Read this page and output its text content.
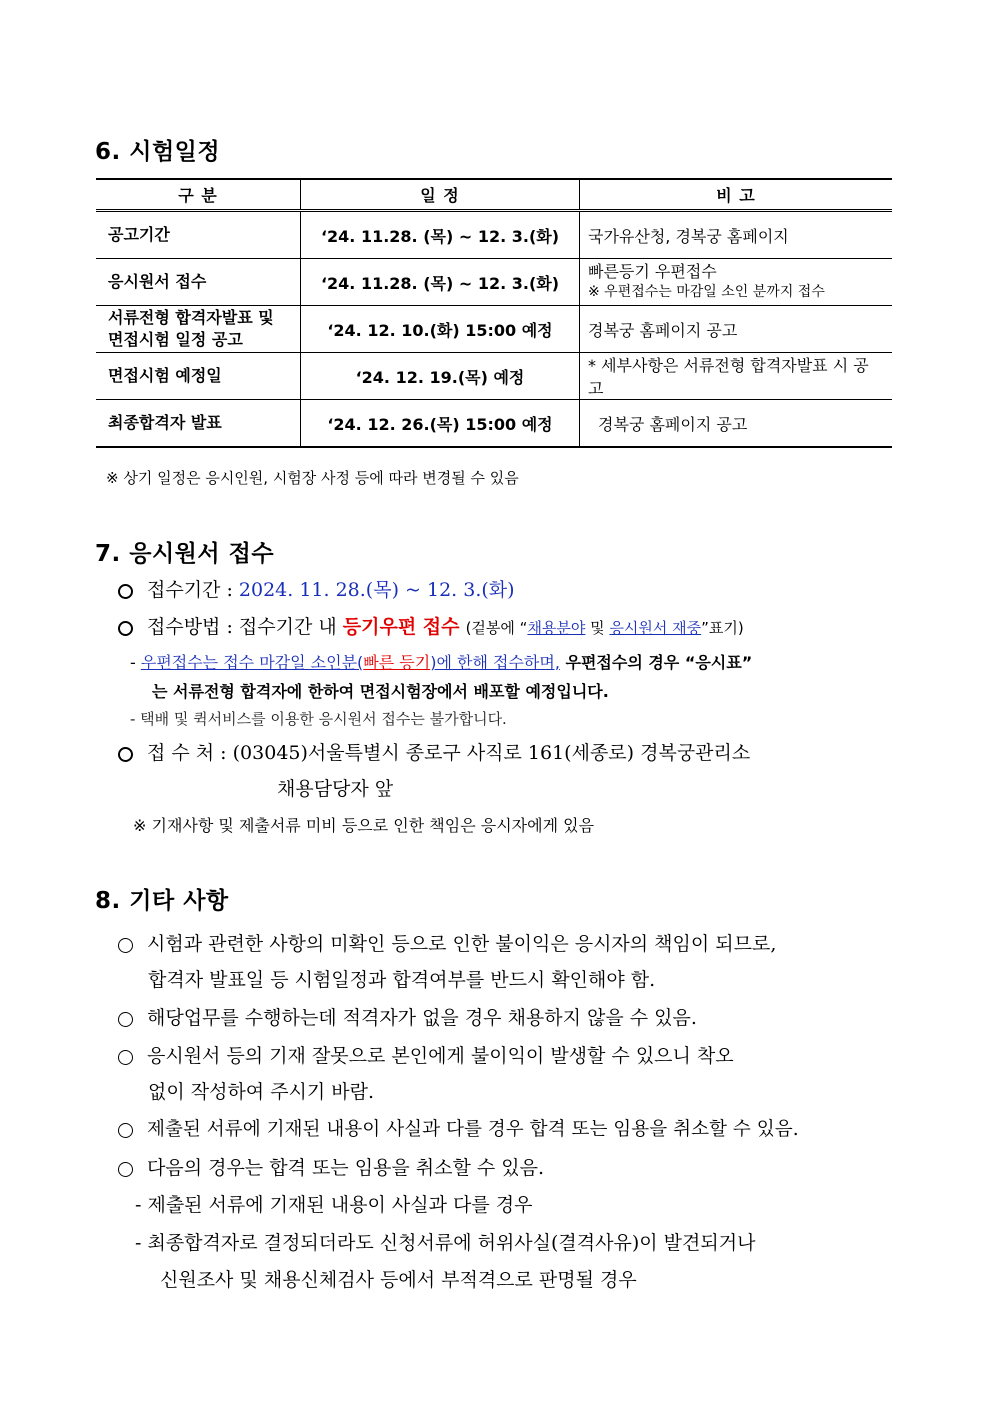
6. 시험일정
구 분	일 정	비 고
공고기간	‘24. 11.28. (목) ~ 12. 3.(화)	국가유산청, 경복궁 홈페이지
응시원서 접수	‘24. 11.28. (목) ~ 12. 3.(화)	빠른등기 우편접수
※ 우편접수는 마감일 소인 분까지 접수

서류전형 합격자발표 및
면접시험 일정 공고	‘24. 12. 10.(화) 15:00 예정	경복궁 홈페이지 공고
면접시험 예정일	‘24. 12. 19.(목) 예정	* 세부사항은 서류전형 합격자발표 시 공고
최종합격자 발표	‘24. 12. 26.(목) 15:00 예정	경복궁 홈페이지 공고
※ 상기 일정은 응시인원, 시험장 사정 등에 따라 변경될 수 있음
7. 응시원서 접수
접수기간 : 2024. 11. 28.(목) ~ 12. 3.(화)
접수방법 : 접수기간 내 등기우편 접수 (겉봉에 “채용분야 및 응시원서 재중”표기)
- 우편접수는 접수 마감일 소인분(빠른 등기)에 한해 접수하며, 우편접수의 경우 “응시표”
는 서류전형 합격자에 한하여 면접시험장에서 배포할 예정입니다.
- 택배 및 퀵서비스를 이용한 응시원서 접수는 불가합니다.
접 수 처 : (03045)서울특별시 종로구 사직로 161(세종로) 경복궁관리소
채용담당자 앞
※ 기재사항 및 제출서류 미비 등으로 인한 책임은 응시자에게 있음
8. 기타 사항
시험과 관련한 사항의 미확인 등으로 인한 불이익은 응시자의 책임이 되므로,
합격자 발표일 등 시험일정과 합격여부를 반드시 확인해야 함.
해당업무를 수행하는데 적격자가 없을 경우 채용하지 않을 수 있음.
응시원서 등의 기재 잘못으로 본인에게 불이익이 발생할 수 있으니 착오
없이 작성하여 주시기 바람.
제출된 서류에 기재된 내용이 사실과 다를 경우 합격 또는 임용을 취소할 수 있음.
다음의 경우는 합격 또는 임용을 취소할 수 있음.
- 제출된 서류에 기재된 내용이 사실과 다를 경우
- 최종합격자로 결정되더라도 신청서류에 허위사실(결격사유)이 발견되거나
신원조사 및 채용신체검사 등에서 부적격으로 판명될 경우
